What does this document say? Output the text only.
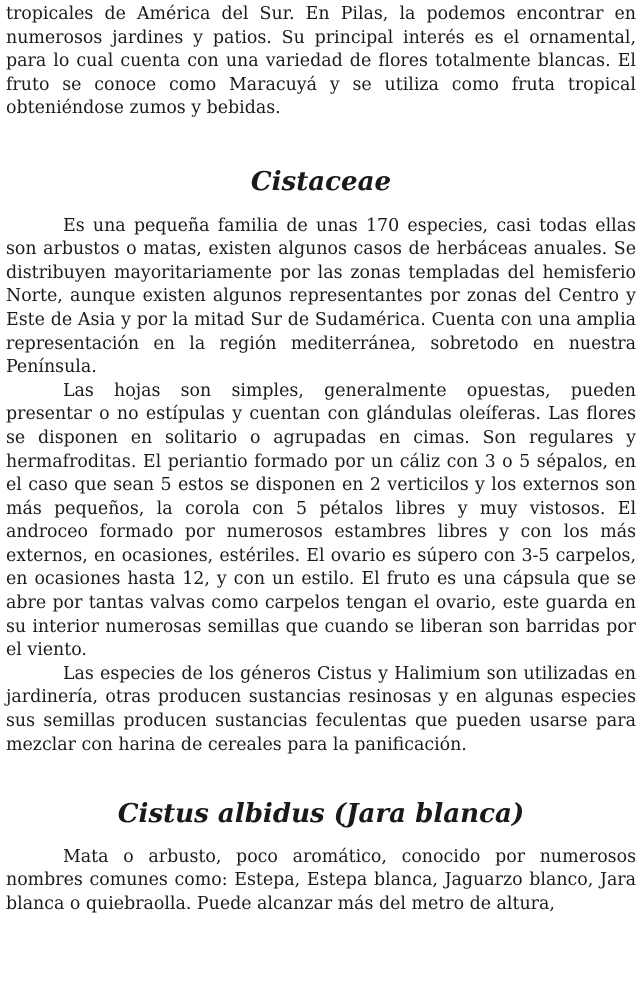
tropicales de América del Sur. En Pilas, la podemos encontrar en numerosos jardines y patios. Su principal interés es el ornamental, para lo cual cuenta con una variedad de flores totalmente blancas. El fruto se conoce como Maracuyá y se utiliza como fruta tropical obteniéndose zumos y bebidas.

Cistaceae

Es una pequeña familia de unas 170 especies, casi todas ellas son arbustos o matas, existen algunos casos de herbáceas anuales. Se distribuyen mayoritariamente por las zonas templadas del hemisferio Norte, aunque existen algunos representantes por zonas del Centro y Este de Asia y por la mitad Sur de Sudamérica. Cuenta con una amplia representación en la región mediterránea, sobretodo en nuestra Península.

Las hojas son simples, generalmente opuestas, pueden presentar o no estípulas y cuentan con glándulas oleíferas. Las flores se disponen en solitario o agrupadas en cimas. Son regulares y hermafroditas. El periantio formado por un cáliz con 3 o 5 sépalos, en el caso que sean 5 estos se disponen en 2 verticilos y los externos son más pequeños, la corola con 5 pétalos libres y muy vistosos. El androceo formado por numerosos estambres libres y con los más externos, en ocasiones, estériles. El ovario es súpero con 3-5 carpelos, en ocasiones hasta 12, y con un estilo. El fruto es una cápsula que se abre por tantas valvas como carpelos tengan el ovario, este guarda en su interior numerosas semillas que cuando se liberan son barridas por el viento.

Las especies de los géneros Cistus y Halimium son utilizadas en jardinería, otras producen sustancias resinosas y en algunas especies sus semillas producen sustancias feculentas que pueden usarse para mezclar con harina de cereales para la panificación.

Cistus albidus (Jara blanca)

Mata o arbusto, poco aromático, conocido por numerosos nombres comunes como: Estepa, Estepa blanca, Jaguarzo blanco, Jara blanca o quiebraolla. Puede alcanzar más del metro de altura,
